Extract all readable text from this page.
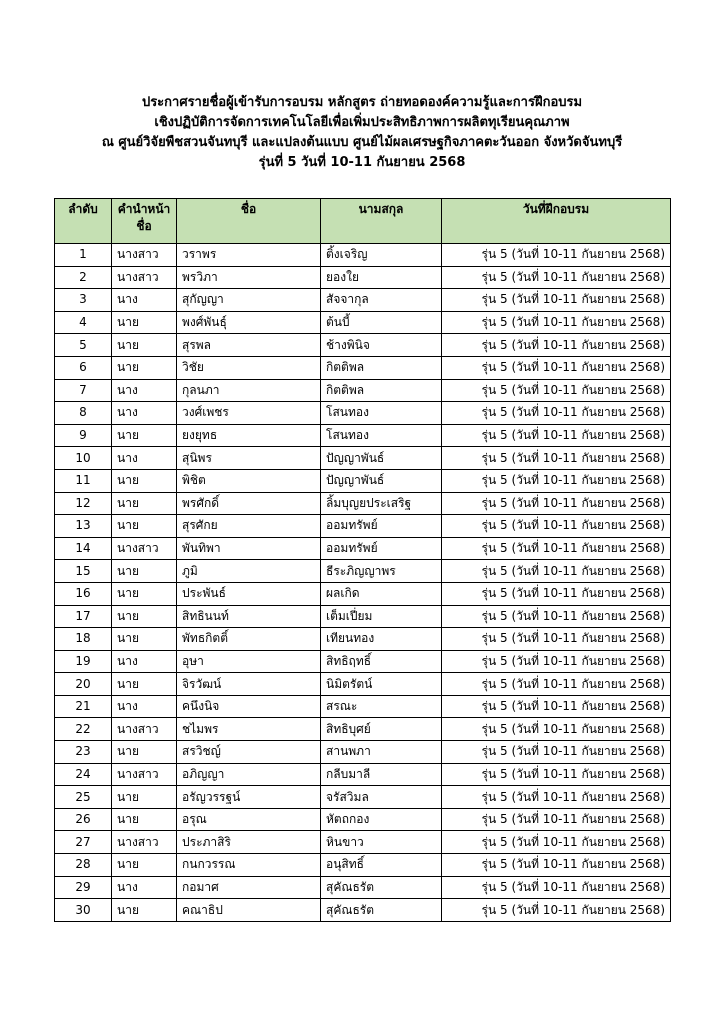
ประกาศรายชื่อผู้เข้ารับการอบรม หลักสูตร ถ่ายทอดองค์ความรู้และการฝึกอบรม
เชิงปฏิบัติการจัดการเทคโนโลยีเพื่อเพิ่มประสิทธิภาพการผลิตทุเรียนคุณภาพ
ณ ศูนย์วิจัยพืชสวนจันทบุรี และแปลงต้นแบบ ศูนย์ไม้ผลเศรษฐกิจภาคตะวันออก จังหวัดจันทบุรี
รุ่นที่ 5 วันที่ 10-11 กันยายน 2568
ลำดับ	คำนำหน้า ชื่อ	ชื่อ	นามสกุล	วันที่ฝึกอบรม
1	นางสาว	วราพร	ติ้งเจริญ	รุ่น 5 (วันที่ 10-11 กันยายน 2568)
2	นางสาว	พรวิภา	ยองใย	รุ่น 5 (วันที่ 10-11 กันยายน 2568)
3	นาง	สุกัญญา	สัจจากุล	รุ่น 5 (วันที่ 10-11 กันยายน 2568)
4	นาย	พงศ์พันธุ์	ต้นบี้	รุ่น 5 (วันที่ 10-11 กันยายน 2568)
5	นาย	สุรพล	ช้างพินิจ	รุ่น 5 (วันที่ 10-11 กันยายน 2568)
6	นาย	วิชัย	กิตติพล	รุ่น 5 (วันที่ 10-11 กันยายน 2568)
7	นาง	กุลนภา	กิตติพล	รุ่น 5 (วันที่ 10-11 กันยายน 2568)
8	นาง	วงศ์เพชร	โสนทอง	รุ่น 5 (วันที่ 10-11 กันยายน 2568)
9	นาย	ยงยุทธ	โสนทอง	รุ่น 5 (วันที่ 10-11 กันยายน 2568)
10	นาง	สุนิพร	ปัญญาพันธ์	รุ่น 5 (วันที่ 10-11 กันยายน 2568)
11	นาย	พิชิต	ปัญญาพันธ์	รุ่น 5 (วันที่ 10-11 กันยายน 2568)
12	นาย	พรศักดิ์	ลิ้มบุญยประเสริฐ	รุ่น 5 (วันที่ 10-11 กันยายน 2568)
13	นาย	สุรศักย	ออมทรัพย์	รุ่น 5 (วันที่ 10-11 กันยายน 2568)
14	นางสาว	พันทิพา	ออมทรัพย์	รุ่น 5 (วันที่ 10-11 กันยายน 2568)
15	นาย	ภูมิ	ธีระภิญญาพร	รุ่น 5 (วันที่ 10-11 กันยายน 2568)
16	นาย	ประพันธ์	ผลเกิด	รุ่น 5 (วันที่ 10-11 กันยายน 2568)
17	นาย	สิทธินนท์	เต็มเปี่ยม	รุ่น 5 (วันที่ 10-11 กันยายน 2568)
18	นาย	พัทธกิตติ์	เทียนทอง	รุ่น 5 (วันที่ 10-11 กันยายน 2568)
19	นาง	อุษา	สิทธิฤทธิ์	รุ่น 5 (วันที่ 10-11 กันยายน 2568)
20	นาย	จิรวัฒน์	นิมิตรัตน์	รุ่น 5 (วันที่ 10-11 กันยายน 2568)
21	นาง	คนึงนิจ	สรณะ	รุ่น 5 (วันที่ 10-11 กันยายน 2568)
22	นางสาว	ชไมพร	สิทธิบุศย์	รุ่น 5 (วันที่ 10-11 กันยายน 2568)
23	นาย	สรวิชญ์	สานพภา	รุ่น 5 (วันที่ 10-11 กันยายน 2568)
24	นางสาว	อภิญญา	กลีบมาลี	รุ่น 5 (วันที่ 10-11 กันยายน 2568)
25	นาย	อรัญวรรฐน์	จรัสวิมล	รุ่น 5 (วันที่ 10-11 กันยายน 2568)
26	นาย	อรุณ	หัตถกอง	รุ่น 5 (วันที่ 10-11 กันยายน 2568)
27	นางสาว	ประภาสิริ	หินขาว	รุ่น 5 (วันที่ 10-11 กันยายน 2568)
28	นาย	กนกวรรณ	อนุสิทธิ์	รุ่น 5 (วันที่ 10-11 กันยายน 2568)
29	นาง	กอมาศ	สุคัณธรัต	รุ่น 5 (วันที่ 10-11 กันยายน 2568)
30	นาย	คณาธิป	สุคัณธรัต	รุ่น 5 (วันที่ 10-11 กันยายน 2568)
